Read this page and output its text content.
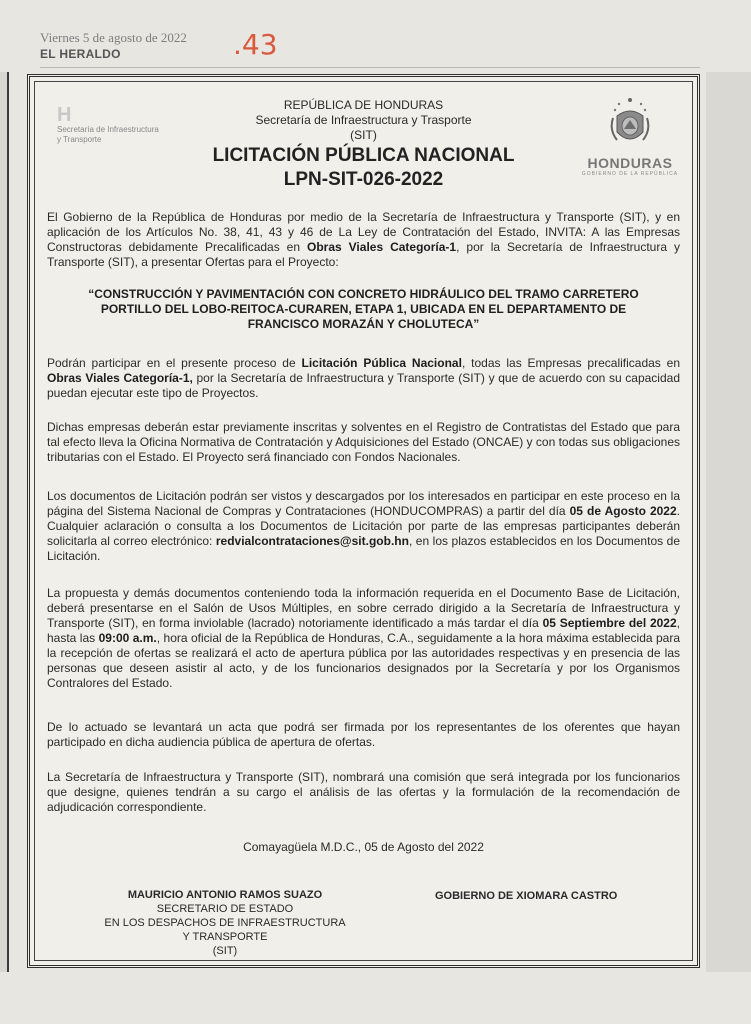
Viernes 5 de agosto de 2022
EL HERALDO	.43
H
Secretaría de Infraestructura
y Transporte
HONDURAS
GOBIERNO DE LA REPÚBLICA
REPÚBLICA DE HONDURAS
Secretaría de Infraestructura y Trasporte
(SIT)
LICITACIÓN PÚBLICA NACIONAL
LPN-SIT-026-2022
El Gobierno de la República de Honduras por medio de la Secretaría de Infraestructura y Transporte (SIT), y en aplicación de los Artículos No. 38, 41, 43 y 46 de La Ley de Contratación del Estado, INVITA: A las Empresas Constructoras debidamente Precalificadas en Obras Viales Categoría-1, por la Secretaría de Infraestructura y Transporte (SIT), a presentar Ofertas para el Proyecto:
“CONSTRUCCIÓN Y PAVIMENTACIÓN CON CONCRETO HIDRÁULICO DEL TRAMO CARRETERO PORTILLO DEL LOBO-REITOCA-CURAREN, ETAPA 1, UBICADA EN EL DEPARTAMENTO DE FRANCISCO MORAZÁN Y CHOLUTECA”
Podrán participar en el presente proceso de Licitación Pública Nacional, todas las Empresas precalificadas en Obras Viales Categoría-1, por la Secretaría de Infraestructura y Transporte (SIT) y que de acuerdo con su capacidad puedan ejecutar este tipo de Proyectos.
Dichas empresas deberán estar previamente inscritas y solventes en el Registro de Contratistas del Estado que para tal efecto lleva la Oficina Normativa de Contratación y Adquisiciones del Estado (ONCAE) y con todas sus obligaciones tributarias con el Estado. El Proyecto será financiado con Fondos Nacionales.
Los documentos de Licitación podrán ser vistos y descargados por los interesados en participar en este proceso en la página del Sistema Nacional de Compras y Contrataciones (HONDUCOMPRAS) a partir del día 05 de Agosto 2022. Cualquier aclaración o consulta a los Documentos de Licitación por parte de las empresas participantes deberán solicitarla al correo electrónico: redvialcontrataciones@sit.gob.hn, en los plazos establecidos en los Documentos de Licitación.
La propuesta y demás documentos conteniendo toda la información requerida en el Documento Base de Licitación, deberá presentarse en el Salón de Usos Múltiples, en sobre cerrado dirigido a la Secretaría de Infraestructura y Transporte (SIT), en forma inviolable (lacrado) notoriamente identificado a más tardar el día 05 Septiembre del 2022, hasta las 09:00 a.m., hora oficial de la República de Honduras, C.A., seguidamente a la hora máxima establecida para la recepción de ofertas se realizará el acto de apertura pública por las autoridades respectivas y en presencia de las personas que deseen asistir al acto, y de los funcionarios designados por la Secretaría y por los Organismos Contralores del Estado.
De lo actuado se levantará un acta que podrá ser firmada por los representantes de los oferentes que hayan participado en dicha audiencia pública de apertura de ofertas.
La Secretaría de Infraestructura y Transporte (SIT), nombrará una comisión que será integrada por los funcionarios que designe, quienes tendrán a su cargo el análisis de las ofertas y la formulación de la recomendación de adjudicación correspondiente.
Comayagüela M.D.C., 05 de Agosto del 2022
MAURICIO ANTONIO RAMOS SUAZO
SECRETARIO DE ESTADO
EN LOS DESPACHOS DE INFRAESTRUCTURA
Y TRANSPORTE
(SIT)
GOBIERNO DE XIOMARA CASTRO
